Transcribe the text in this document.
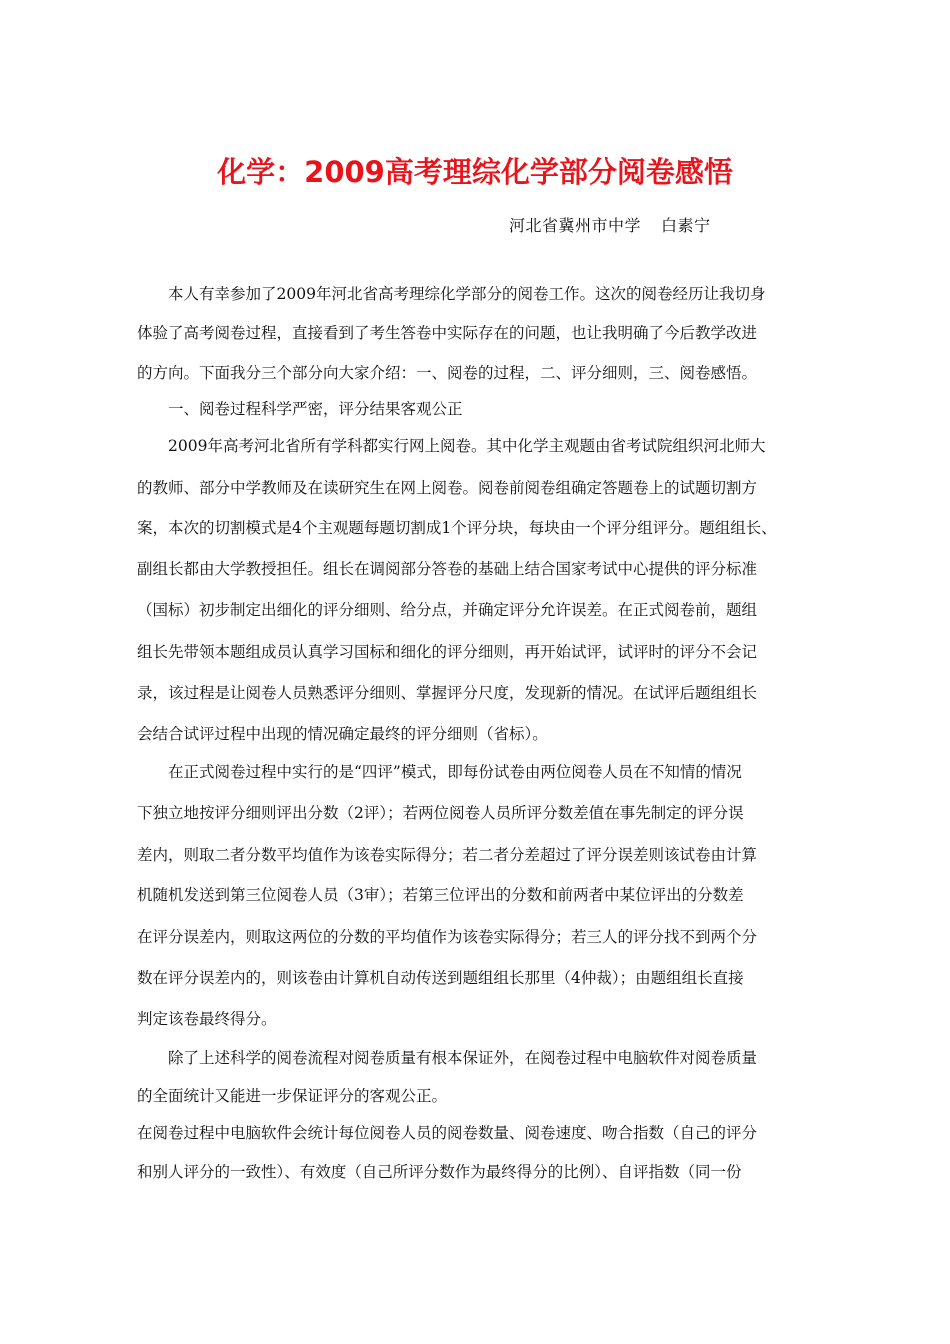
化学：2009高考理综化学部分阅卷感悟
河北省冀州市中学 白素宁
　　本人有幸参加了2009年河北省高考理综化学部分的阅卷工作。这次的阅卷经历让我切身
体验了高考阅卷过程，直接看到了考生答卷中实际存在的问题，也让我明确了今后教学改进
的方向。下面我分三个部分向大家介绍：一、阅卷的过程，二、评分细则，三、阅卷感悟。
　　一、阅卷过程科学严密，评分结果客观公正
　　2009年高考河北省所有学科都实行网上阅卷。其中化学主观题由省考试院组织河北师大
的教师、部分中学教师及在读研究生在网上阅卷。阅卷前阅卷组确定答题卷上的试题切割方
案，本次的切割模式是4个主观题每题切割成1个评分块，每块由一个评分组评分。题组组长、
副组长都由大学教授担任。组长在调阅部分答卷的基础上结合国家考试中心提供的评分标准
（国标）初步制定出细化的评分细则、给分点，并确定评分允许误差。在正式阅卷前，题组
组长先带领本题组成员认真学习国标和细化的评分细则，再开始试评，试评时的评分不会记
录，该过程是让阅卷人员熟悉评分细则、掌握评分尺度，发现新的情况。在试评后题组组长
会结合试评过程中出现的情况确定最终的评分细则（省标）。
　　在正式阅卷过程中实行的是“四评”模式，即每份试卷由两位阅卷人员在不知情的情况
下独立地按评分细则评出分数（2评）；若两位阅卷人员所评分数差值在事先制定的评分误
差内，则取二者分数平均值作为该卷实际得分；若二者分差超过了评分误差则该试卷由计算
机随机发送到第三位阅卷人员（3审）；若第三位评出的分数和前两者中某位评出的分数差
在评分误差内，则取这两位的分数的平均值作为该卷实际得分；若三人的评分找不到两个分
数在评分误差内的，则该卷由计算机自动传送到题组组长那里（4仲裁）；由题组组长直接
判定该卷最终得分。
　　除了上述科学的阅卷流程对阅卷质量有根本保证外，在阅卷过程中电脑软件对阅卷质量
的全面统计又能进一步保证评分的客观公正。
在阅卷过程中电脑软件会统计每位阅卷人员的阅卷数量、阅卷速度、吻合指数（自己的评分
和别人评分的一致性）、有效度（自己所评分数作为最终得分的比例）、自评指数（同一份
